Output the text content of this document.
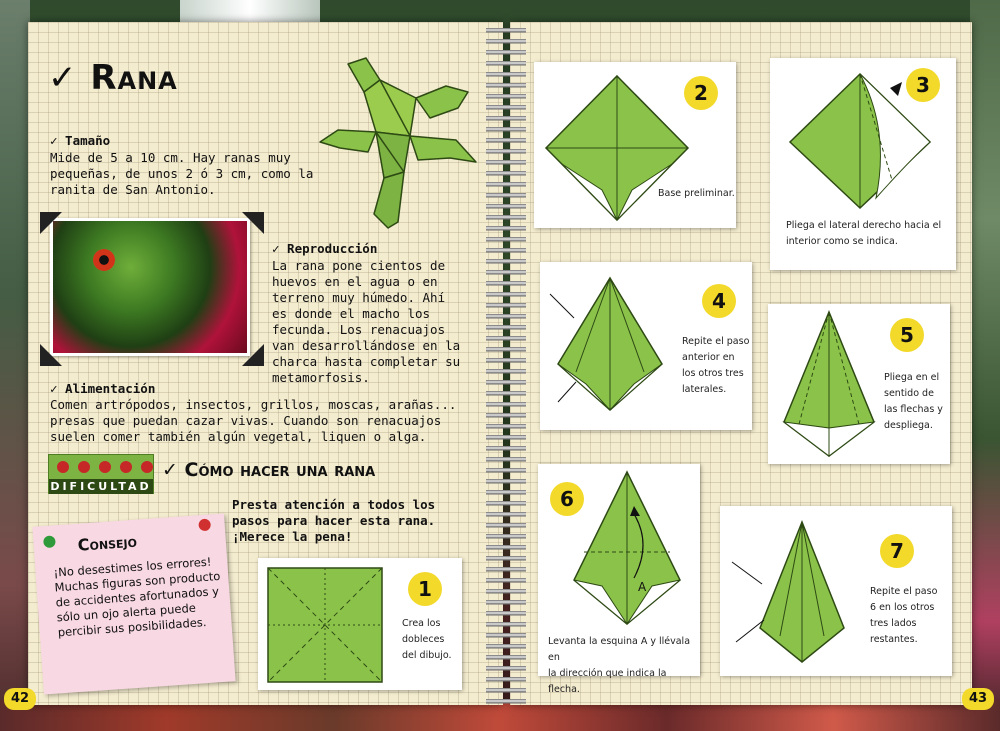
✓ Rana
✓ Tamaño
Mide de 5 a 10 cm. Hay ranas muy
pequeñas, de unos 2 ó 3 cm, como la
ranita de San Antonio.
✓ Reproducción
La rana pone cientos de
huevos en el agua o en
terreno muy húmedo. Ahí
es donde el macho los
fecunda. Los renacuajos
van desarrollándose en la
charca hasta completar su
metamorfosis.
✓ Alimentación
Comen artrópodos, insectos, grillos, moscas, arañas...
presas que puedan cazar vivas. Cuando son renacuajos
suelen comer también algún vegetal, liquen o alga.
DIFICULTAD
✓ Cómo hacer una rana
Presta atención a todos los
pasos para hacer esta rana.
¡Merece la pena!
Consejo
¡No desestimes los errores! Muchas figuras son producto de accidentes afortunados y sólo un ojo alerta puede percibir sus posibilidades.
1
Crea los
dobleces
del dibujo.
42
2
Base preliminar.
3
Pliega el lateral derecho hacia el
interior como se indica.
4
Repite el paso
anterior en
los otros tres
laterales.
5
Pliega en el
sentido de
las flechas y
despliega.
A
6
Levanta la esquina A y llévala en
la dirección que indica la flecha.
7
Repite el paso
6 en los otros
tres lados
restantes.
43
